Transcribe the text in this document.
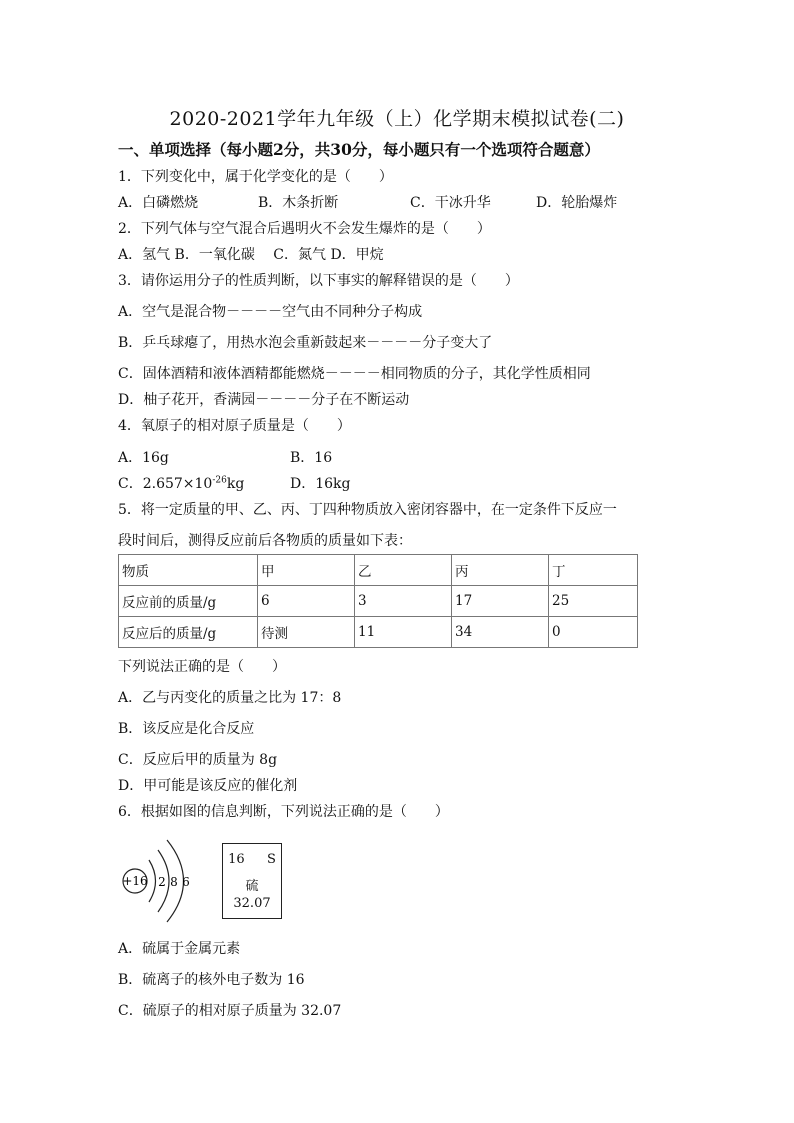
2020-2021学年九年级（上）化学期末模拟试卷(二)
一、单项选择（每小题2分，共30分，每小题只有一个选项符合题意）
1．下列变化中，属于化学变化的是（　　）
A．白磷燃烧	B．木条折断	C．干冰升华	D．轮胎爆炸
2．下列气体与空气混合后遇明火不会发生爆炸的是（　　）
A．氢气 B．一氧化碳　 C．氮气 D．甲烷
3．请你运用分子的性质判断，以下事实的解释错误的是（　　）
A．空气是混合物－－－－空气由不同种分子构成
B．乒乓球瘪了，用热水泡会重新鼓起来－－－－分子变大了
C．固体酒精和液体酒精都能燃烧－－－－相同物质的分子，其化学性质相同
D．柚子花开，香满园－－－－分子在不断运动
4．氧原子的相对原子质量是（　　）
A．16g	B．16
C．$2.657\times 10^{-26}kg$	D．16kg
5．将一定质量的甲、乙、丙、丁四种物质放入密闭容器中，在一定条件下反应一
段时间后，测得反应前后各物质的质量如下表：
物质	甲	乙	丙	丁
反应前的质量/g	6	3	17	25
反应后的质量/g	待测	11	34	0
下列说法正确的是（　　）
A．乙与丙变化的质量之比为 17：8
B．该反应是化合反应
C．反应后甲的质量为 8g
D．甲可能是该反应的催化剂
6．根据如图的信息判断，下列说法正确的是（　　）
+16 2 8 6
16 S
硫
32.07
A．硫属于金属元素
B．硫离子的核外电子数为 16
C．硫原子的相对原子质量为 32.07
